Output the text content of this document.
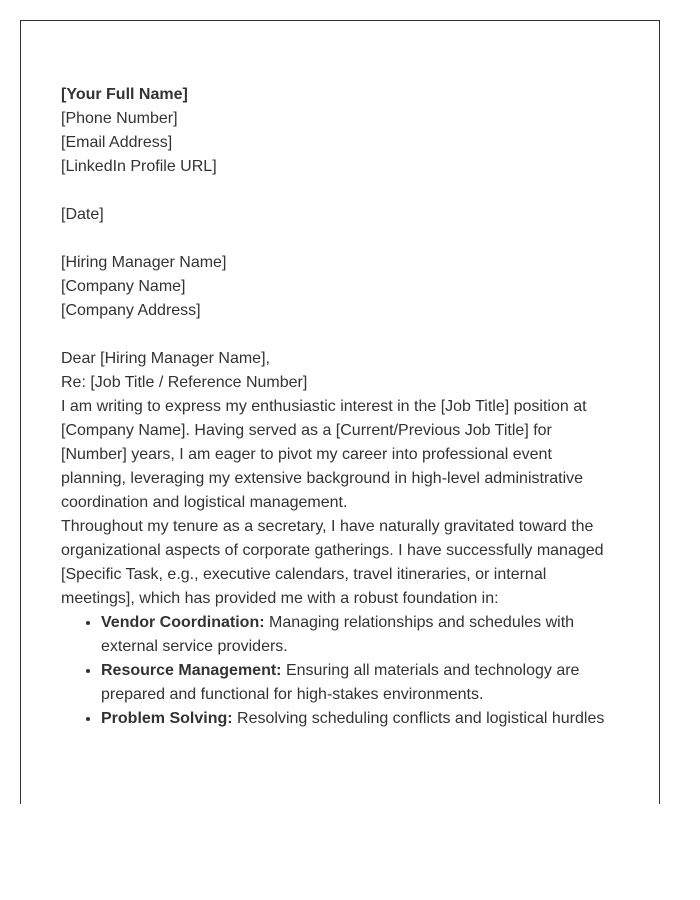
[Your Full Name]

[Phone Number]

[Email Address]

[LinkedIn Profile URL]

[Date]

[Hiring Manager Name]

[Company Name]

[Company Address]

Dear [Hiring Manager Name],

Re: [Job Title / Reference Number]

I am writing to express my enthusiastic interest in the [Job Title] position at [Company Name]. Having served as a [Current/Previous Job Title] for [Number] years, I am eager to pivot my career into professional event planning, leveraging my extensive background in high-level administrative coordination and logistical management.

Throughout my tenure as a secretary, I have naturally gravitated toward the organizational aspects of corporate gatherings. I have successfully managed [Specific Task, e.g., executive calendars, travel itineraries, or internal meetings], which has provided me with a robust foundation in:

• Vendor Coordination: Managing relationships and schedules with external service providers.
• Resource Management: Ensuring all materials and technology are prepared and functional for high-stakes environments.
• Problem Solving: Resolving scheduling conflicts and logistical hurdles
